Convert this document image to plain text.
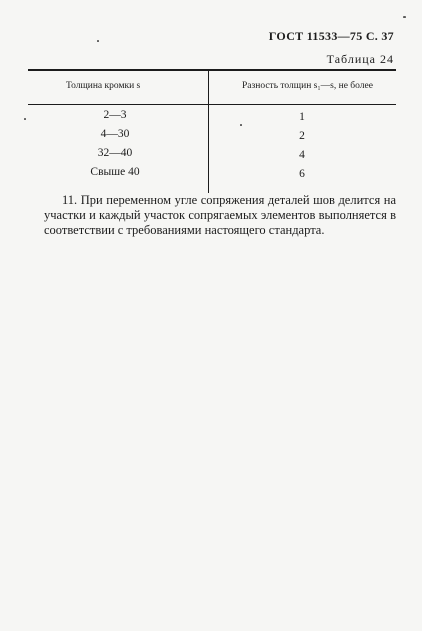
ГОСТ 11533—75 С. 37
Таблица 24
Толщина кромки s	Разность толщин s₁—s, не более
2—3	1
4—30	2
32—40	4
Свыше 40	6
11. При переменном угле сопряжения деталей шов делится на
участки и каждый участок сопрягаемых элементов выполняется в
соответствии с требованиями настоящего стандарта.
